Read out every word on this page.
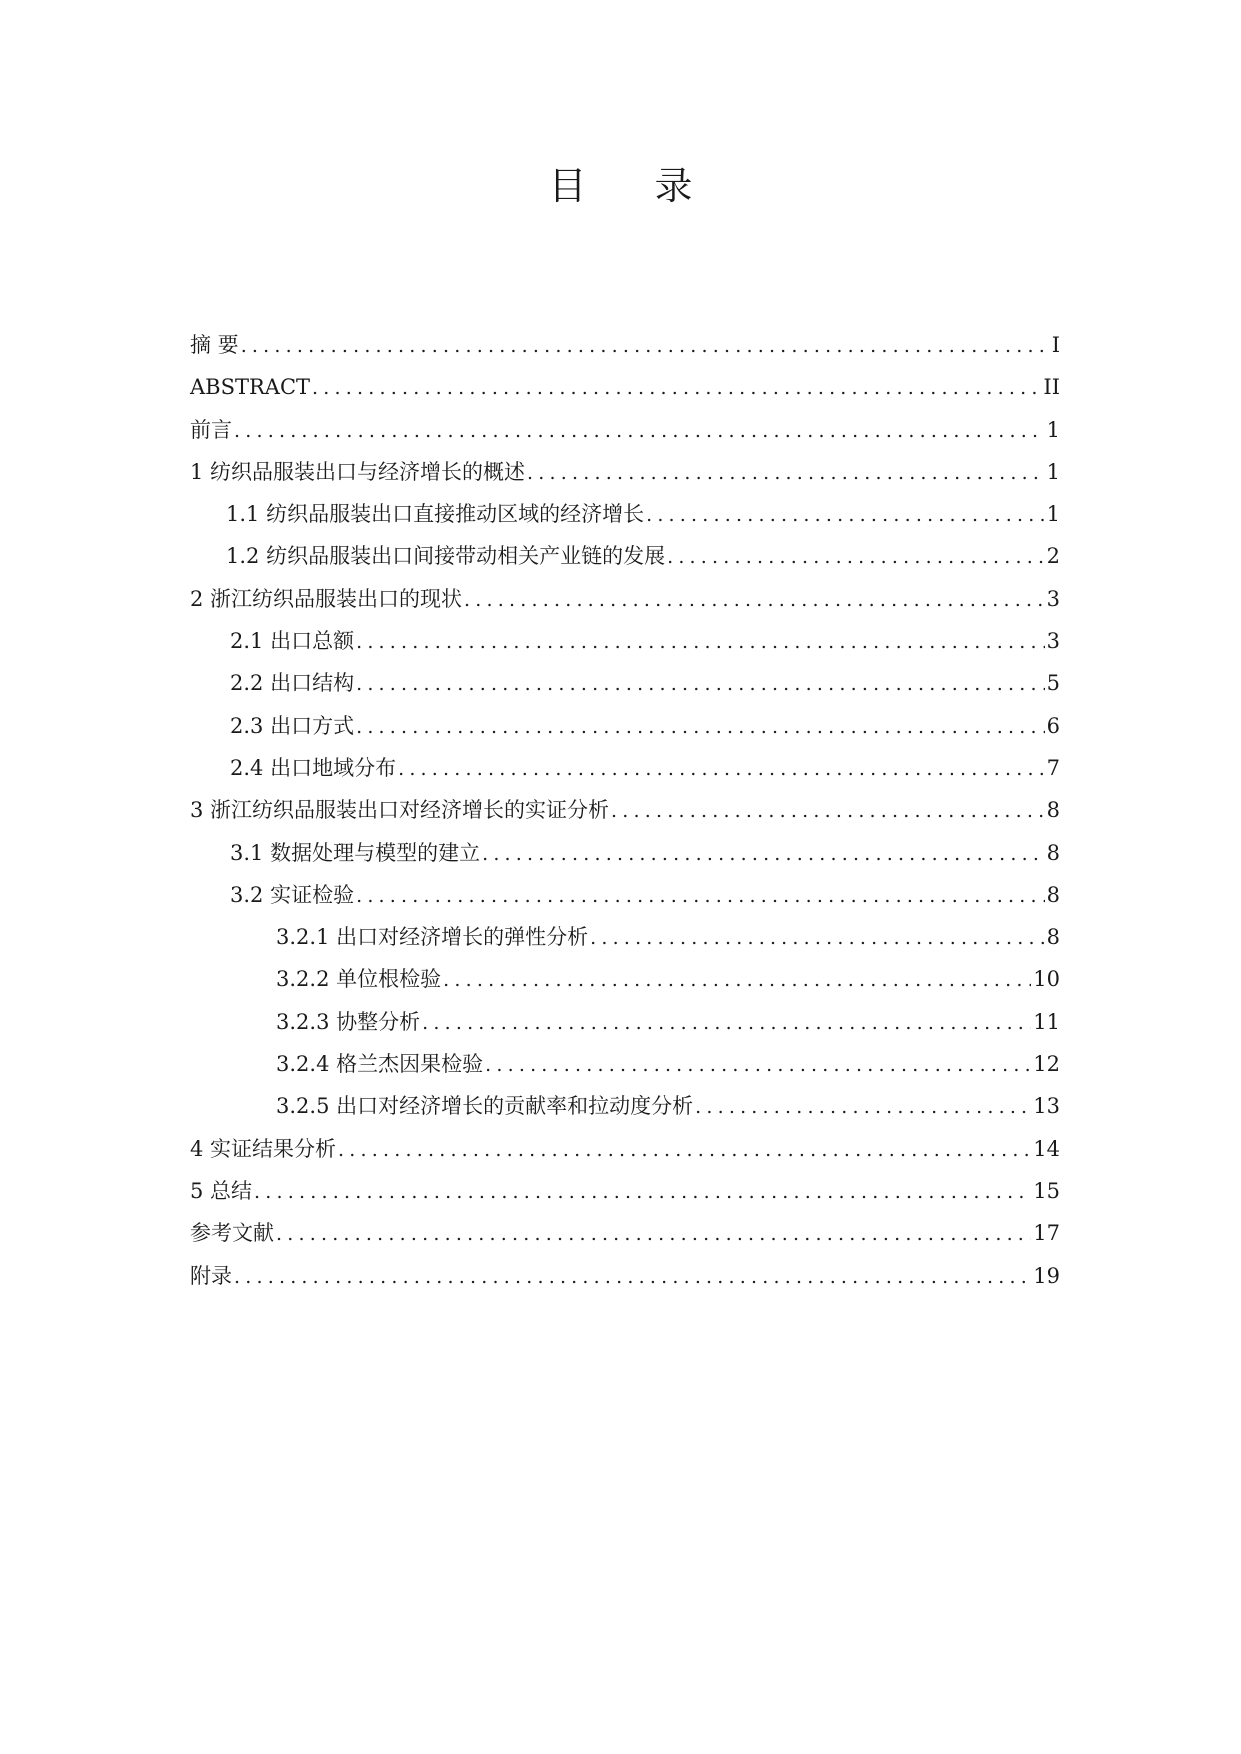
目 录
摘 要 .....	I
ABSTRACT .....	II
前言 .....	1
1 纺织品服装出口与经济增长的概述 .....	1
1.1 纺织品服装出口直接推动区域的经济增长 .....	1
1.2 纺织品服装出口间接带动相关产业链的发展 .....	2
2 浙江纺织品服装出口的现状 .....	3
2.1 出口总额 .....	3
2.2 出口结构 .....	5
2.3 出口方式 .....	6
2.4 出口地域分布 .....	7
3 浙江纺织品服装出口对经济增长的实证分析 .....	8
3.1 数据处理与模型的建立 .....	8
3.2 实证检验 .....	8
3.2.1 出口对经济增长的弹性分析 .....	8
3.2.2 单位根检验 .....	10
3.2.3 协整分析 .....	11
3.2.4 格兰杰因果检验 .....	12
3.2.5 出口对经济增长的贡献率和拉动度分析 .....	13
4 实证结果分析 .....	14
5 总结 .....	15
参考文献 .....	17
附录 .....	19
